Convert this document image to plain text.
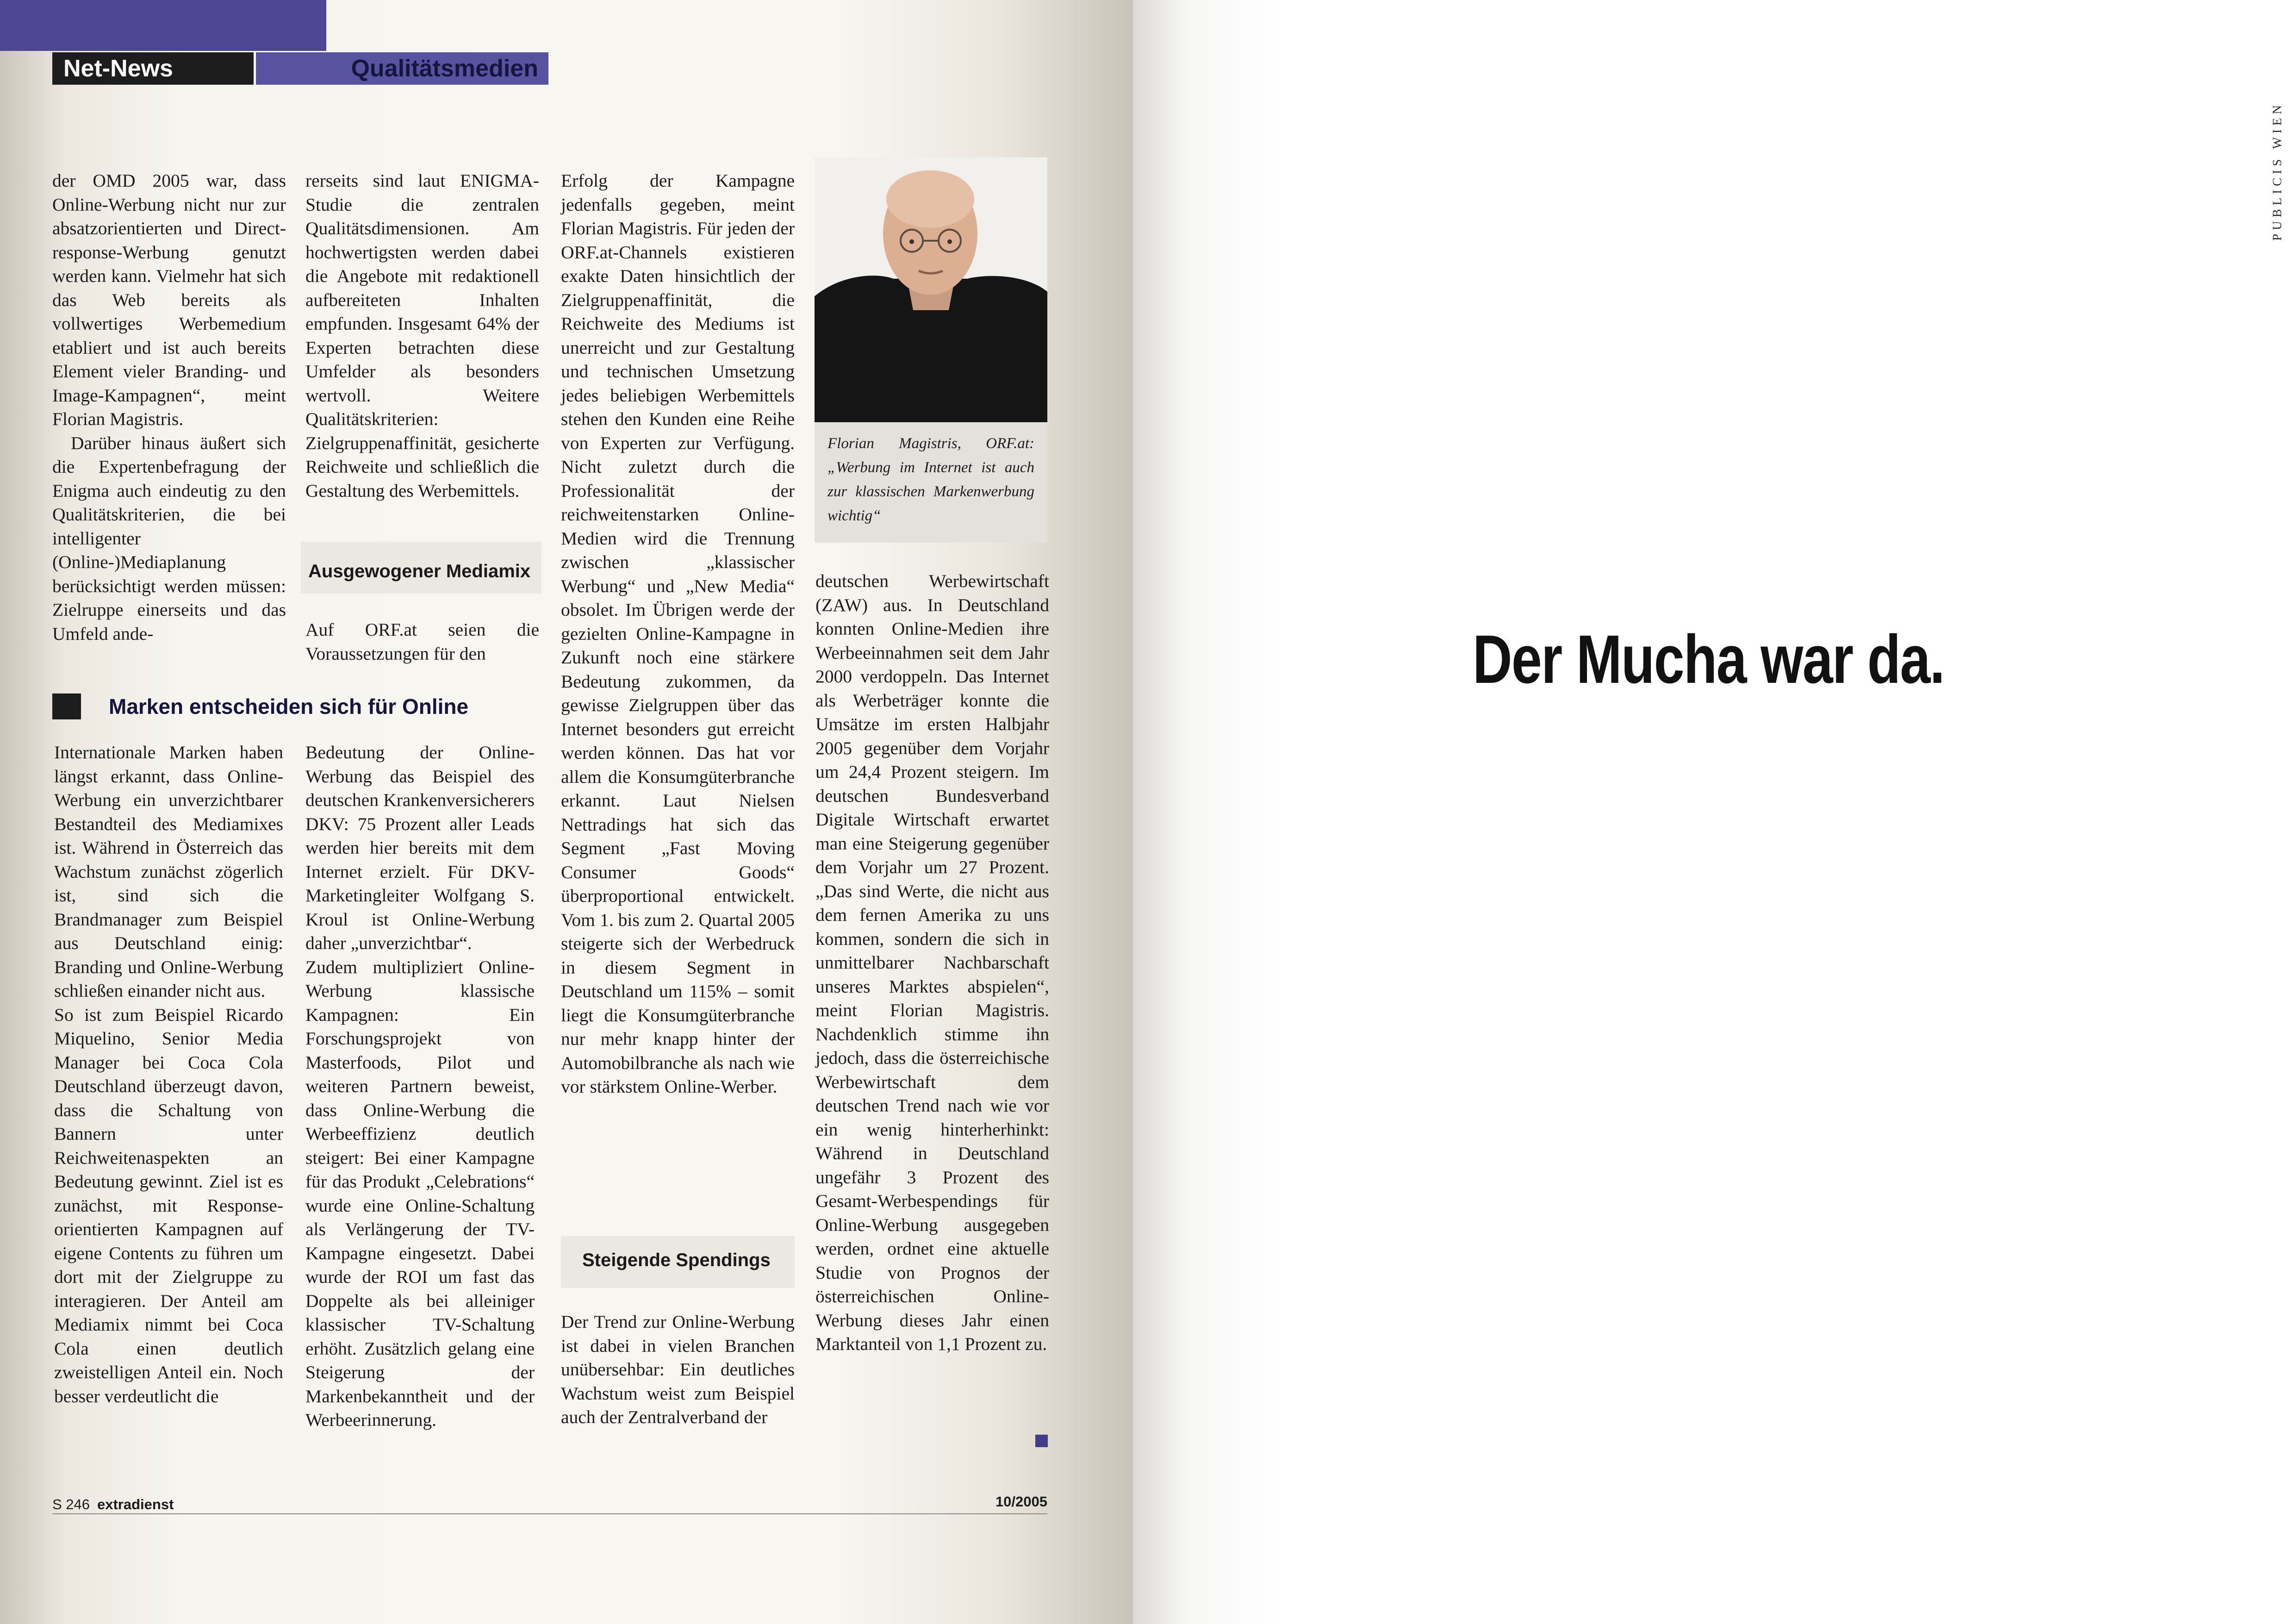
Net-News	Qualitätsmedien

der OMD 2005 war, dass Online-Werbung nicht nur zur absatzorientierten und Direct-response-Werbung genutzt werden kann. Vielmehr hat sich das Web bereits als vollwertiges Werbemedium etabliert und ist auch bereits Element vieler Branding- und Image-Kampagnen“, meint Florian Magistris.

Darüber hinaus äußert sich die Expertenbefragung der Enigma auch eindeutig zu den Qualitätskriterien, die bei intelligenter (Online-)Mediaplanung berücksichtigt werden müssen: Zielruppe einerseits und das Umfeld ande-

rerseits sind laut ENIGMA-Studie die zentralen Qualitätsdimensionen. Am hochwertigsten werden dabei die Angebote mit redaktionell aufbereiteten Inhalten empfunden. Insgesamt 64% der Experten betrachten diese Umfelder als besonders wertvoll. Weitere Qualitätskriterien: Zielgruppenaffinität, gesicherte Reichweite und schließlich die Gestaltung des Werbemittels.

Ausgewogener Mediamix

Auf ORF.at seien die Voraussetzungen für den

Erfolg der Kampagne jedenfalls gegeben, meint Florian Magistris. Für jeden der ORF.at-Channels existieren exakte Daten hinsichtlich der Zielgruppenaffinität, die Reichweite des Mediums ist unerreicht und zur Gestaltung und technischen Umsetzung jedes beliebigen Werbemittels stehen den Kunden eine Reihe von Experten zur Verfügung. Nicht zuletzt durch die Professionalität der reichweitenstarken Online-Medien wird die Trennung zwischen „klassischer Werbung“ und „New Media“ obsolet. Im Übrigen werde der gezielten Online-Kampagne in Zukunft noch eine stärkere Bedeutung zukommen, da gewisse Zielgruppen über das Internet besonders gut erreicht werden können. Das hat vor allem die Konsumgüterbranche erkannt. Laut Nielsen Nettradings hat sich das Segment „Fast Moving Consumer Goods“ überproportional entwickelt. Vom 1. bis zum 2. Quartal 2005 steigerte sich der Werbedruck in diesem Segment in Deutschland um 115% – somit liegt die Konsumgüterbranche nur mehr knapp hinter der Automobilbranche als nach wie vor stärkstem Online-Werber.

Steigende Spendings

Der Trend zur Online-Werbung ist dabei in vielen Branchen unübersehbar: Ein deutliches Wachstum weist zum Beispiel auch der Zentralverband der

Florian Magistris, ORF.at: „Werbung im Internet ist auch zur klassischen Markenwerbung wichtig“

deutschen Werbewirtschaft (ZAW) aus. In Deutschland konnten Online-Medien ihre Werbeeinnahmen seit dem Jahr 2000 verdoppeln. Das Internet als Werbeträger konnte die Umsätze im ersten Halbjahr 2005 gegenüber dem Vorjahr um 24,4 Prozent steigern. Im deutschen Bundesverband Digitale Wirtschaft erwartet man eine Steigerung gegenüber dem Vorjahr um 27 Prozent. „Das sind Werte, die nicht aus dem fernen Amerika zu uns kommen, sondern die sich in unmittelbarer Nachbarschaft unseres Marktes abspielen“, meint Florian Magistris. Nachdenklich stimme ihn jedoch, dass die österreichische Werbewirtschaft dem deutschen Trend nach wie vor ein wenig hinterherhinkt: Während in Deutschland ungefähr 3 Prozent des Gesamt-Werbespendings für Online-Werbung ausgegeben werden, ordnet eine aktuelle Studie von Prognos der österreichischen Online-Werbung dieses Jahr einen Marktanteil von 1,1 Prozent zu.

Marken entscheiden sich für Online

Internationale Marken haben längst erkannt, dass Online-Werbung ein unverzichtbarer Bestandteil des Mediamixes ist. Während in Österreich das Wachstum zunächst zögerlich ist, sind sich die Brandmanager zum Beispiel aus Deutschland einig: Branding und Online-Werbung schließen einander nicht aus.

So ist zum Beispiel Ricardo Miquelino, Senior Media Manager bei Coca Cola Deutschland überzeugt davon, dass die Schaltung von Bannern unter Reichweitenaspekten an Bedeutung gewinnt. Ziel ist es zunächst, mit Response-orientierten Kampagnen auf eigene Contents zu führen um dort mit der Zielgruppe zu interagieren. Der Anteil am Mediamix nimmt bei Coca Cola einen deutlich zweistelligen Anteil ein. Noch besser verdeutlicht die

Bedeutung der Online-Werbung das Beispiel des deutschen Krankenversicherers DKV: 75 Prozent aller Leads werden hier bereits mit dem Internet erzielt. Für DKV-Marketingleiter Wolfgang S. Kroul ist Online-Werbung daher „unverzichtbar“.

Zudem multipliziert Online-Werbung klassische Kampagnen: Ein Forschungsprojekt von Masterfoods, Pilot und weiteren Partnern beweist, dass Online-Werbung die Werbeeffizienz deutlich steigert: Bei einer Kampagne für das Produkt „Celebrations“ wurde eine Online-Schaltung als Verlängerung der TV-Kampagne eingesetzt. Dabei wurde der ROI um fast das Doppelte als bei alleiniger klassischer TV-Schaltung erhöht. Zusätzlich gelang eine Steigerung der Markenbekanntheit und der Werbeerinnerung.

S 246 extradienst	10/2005
Der Mucha war da.
PUBLICIS WIEN
